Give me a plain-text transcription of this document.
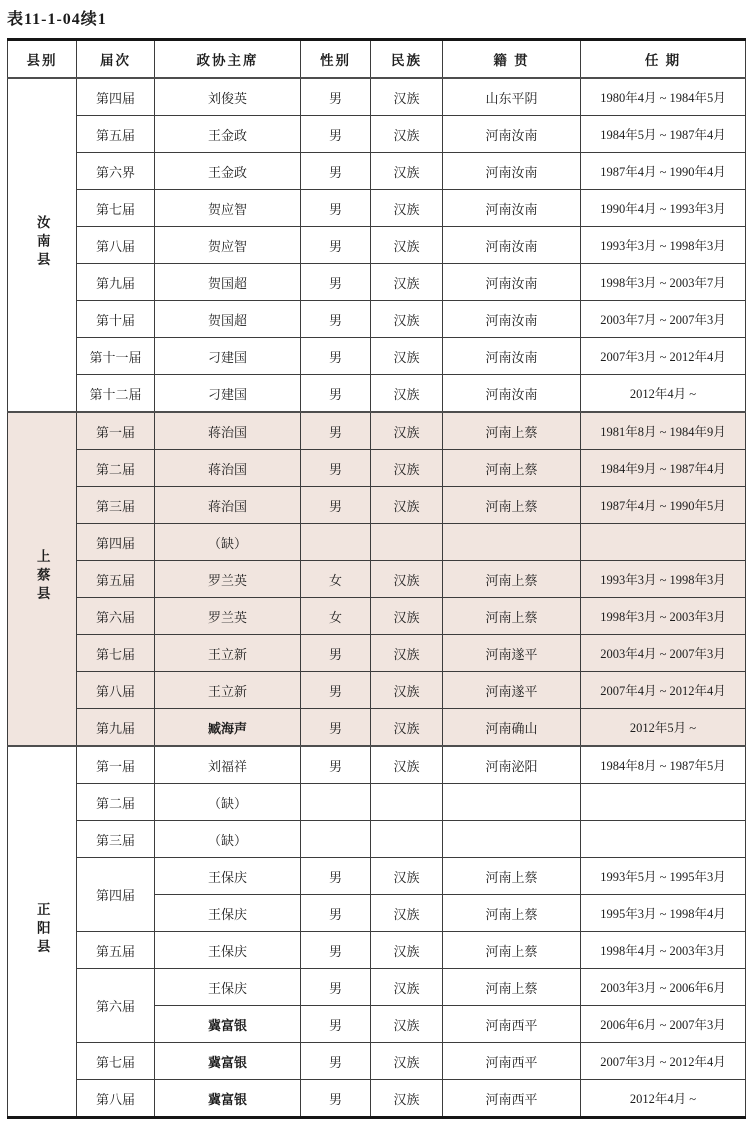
表11-1-04续1
县别	届次	政协主席	性别	民族	籍 贯	任 期
汝南县	第四届	刘俊英	男	汉族	山东平阴	1980年4月 ~ 1984年5月
	第五届	王金政	男	汉族	河南汝南	1984年5月 ~ 1987年4月
	第六界	王金政	男	汉族	河南汝南	1987年4月 ~ 1990年4月
	第七届	贺应智	男	汉族	河南汝南	1990年4月 ~ 1993年3月
	第八届	贺应智	男	汉族	河南汝南	1993年3月 ~ 1998年3月
	第九届	贺国超	男	汉族	河南汝南	1998年3月 ~ 2003年7月
	第十届	贺国超	男	汉族	河南汝南	2003年7月 ~ 2007年3月
	第十一届	刁建国	男	汉族	河南汝南	2007年3月 ~ 2012年4月
	第十二届	刁建国	男	汉族	河南汝南	2012年4月 ~
上蔡县	第一届	蒋治国	男	汉族	河南上蔡	1981年8月 ~ 1984年9月
	第二届	蒋治国	男	汉族	河南上蔡	1984年9月 ~ 1987年4月
	第三届	蒋治国	男	汉族	河南上蔡	1987年4月 ~ 1990年5月
	第四届	（缺）				
	第五届	罗兰英	女	汉族	河南上蔡	1993年3月 ~ 1998年3月
	第六届	罗兰英	女	汉族	河南上蔡	1998年3月 ~ 2003年3月
	第七届	王立新	男	汉族	河南遂平	2003年4月 ~ 2007年3月
	第八届	王立新	男	汉族	河南遂平	2007年4月 ~ 2012年4月
	第九届	臧海声	男	汉族	河南确山	2012年5月 ~
正阳县	第一届	刘福祥	男	汉族	河南泌阳	1984年8月 ~ 1987年5月
	第二届	（缺）				
	第三届	（缺）				
	第四届	王保庆	男	汉族	河南上蔡	1993年5月 ~ 1995年3月
		王保庆	男	汉族	河南上蔡	1995年3月 ~ 1998年4月
	第五届	王保庆	男	汉族	河南上蔡	1998年4月 ~ 2003年3月
	第六届	王保庆	男	汉族	河南上蔡	2003年3月 ~ 2006年6月
		冀富银	男	汉族	河南西平	2006年6月 ~ 2007年3月
	第七届	冀富银	男	汉族	河南西平	2007年3月 ~ 2012年4月
	第八届	冀富银	男	汉族	河南西平	2012年4月 ~
